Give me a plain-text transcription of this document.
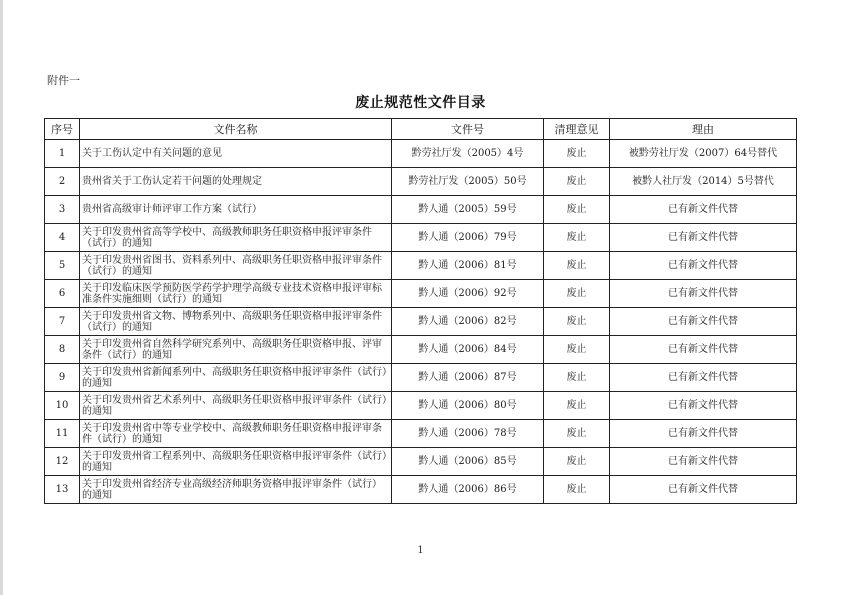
附件一
废止规范性文件目录
序号	文件名称	文件号	清理意见	理由
1	关于工伤认定中有关问题的意见	黔劳社厅发（2005）4号	废止	被黔劳社厅发（2007）64号替代
2	贵州省关于工伤认定若干问题的处理规定	黔劳社厅发（2005）50号	废止	被黔人社厅发（2014）5号替代
3	贵州省高级审计师评审工作方案（试行）	黔人通（2005）59号	废止	已有新文件代替
4	关于印发贵州省高等学校中、高级教师职务任职资格申报评审条件（试行）的通知	黔人通（2006）79号	废止	已有新文件代替
5	关于印发贵州省图书、资料系列中、高级职务任职资格申报评审条件（试行）的通知	黔人通（2006）81号	废止	已有新文件代替
6	关于印发临床医学预防医学药学护理学高级专业技术资格申报评审标准条件实施细则（试行）的通知	黔人通（2006）92号	废止	已有新文件代替
7	关于印发贵州省文物、博物系列中、高级职务任职资格申报评审条件（试行）的通知	黔人通（2006）82号	废止	已有新文件代替
8	关于印发贵州省自然科学研究系列中、高级职务任职资格申报、评审条件（试行）的通知	黔人通（2006）84号	废止	已有新文件代替
9	关于印发贵州省新闻系列中、高级职务任职资格申报评审条件（试行）的通知	黔人通（2006）87号	废止	已有新文件代替
10	关于印发贵州省艺术系列中、高级职务任职资格申报评审条件（试行）的通知	黔人通（2006）80号	废止	已有新文件代替
11	关于印发贵州省中等专业学校中、高级教师职务任职资格申报评审条件（试行）的通知	黔人通（2006）78号	废止	已有新文件代替
12	关于印发贵州省工程系列中、高级职务任职资格申报评审条件（试行）的通知	黔人通（2006）85号	废止	已有新文件代替
13	关于印发贵州省经济专业高级经济师职务资格申报评审条件（试行）的通知	黔人通（2006）86号	废止	已有新文件代替
1
